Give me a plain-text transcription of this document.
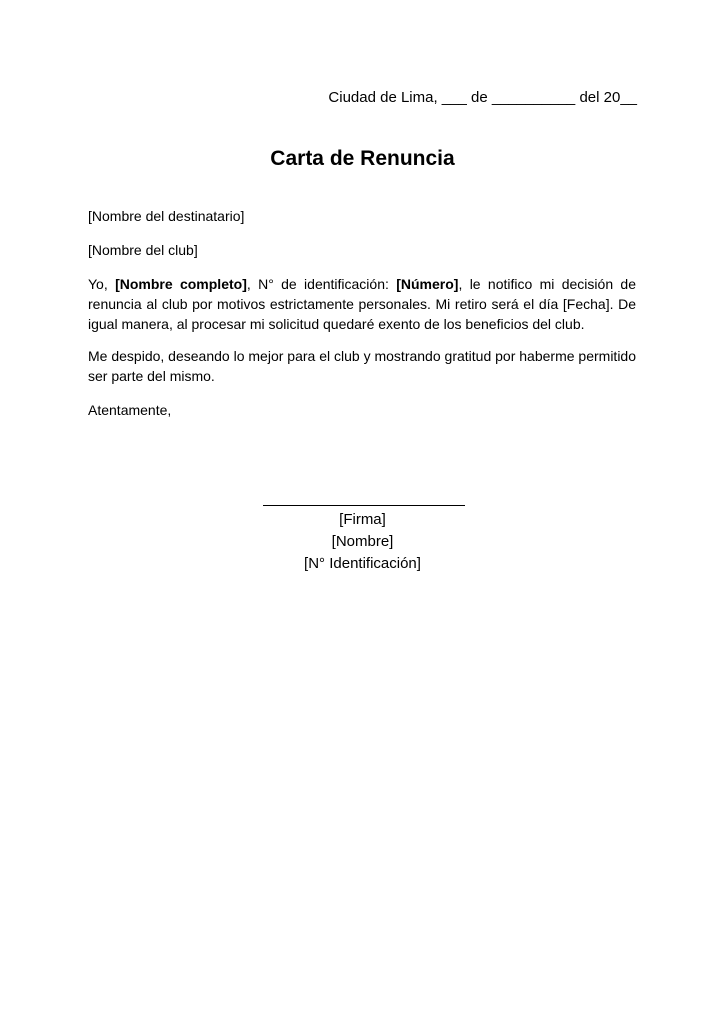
Ciudad de Lima, ___ de __________ del 20__
Carta de Renuncia
[Nombre del destinatario]
[Nombre del club]
Yo, [Nombre completo], N° de identificación: [Número], le notifico mi decisión de renuncia al club por motivos estrictamente personales. Mi retiro será el día [Fecha]. De igual manera, al procesar mi solicitud quedaré exento de los beneficios del club.
Me despido, deseando lo mejor para el club y mostrando gratitud por haberme permitido ser parte del mismo.
Atentamente,
[Firma]
[Nombre]
[N° Identificación]
